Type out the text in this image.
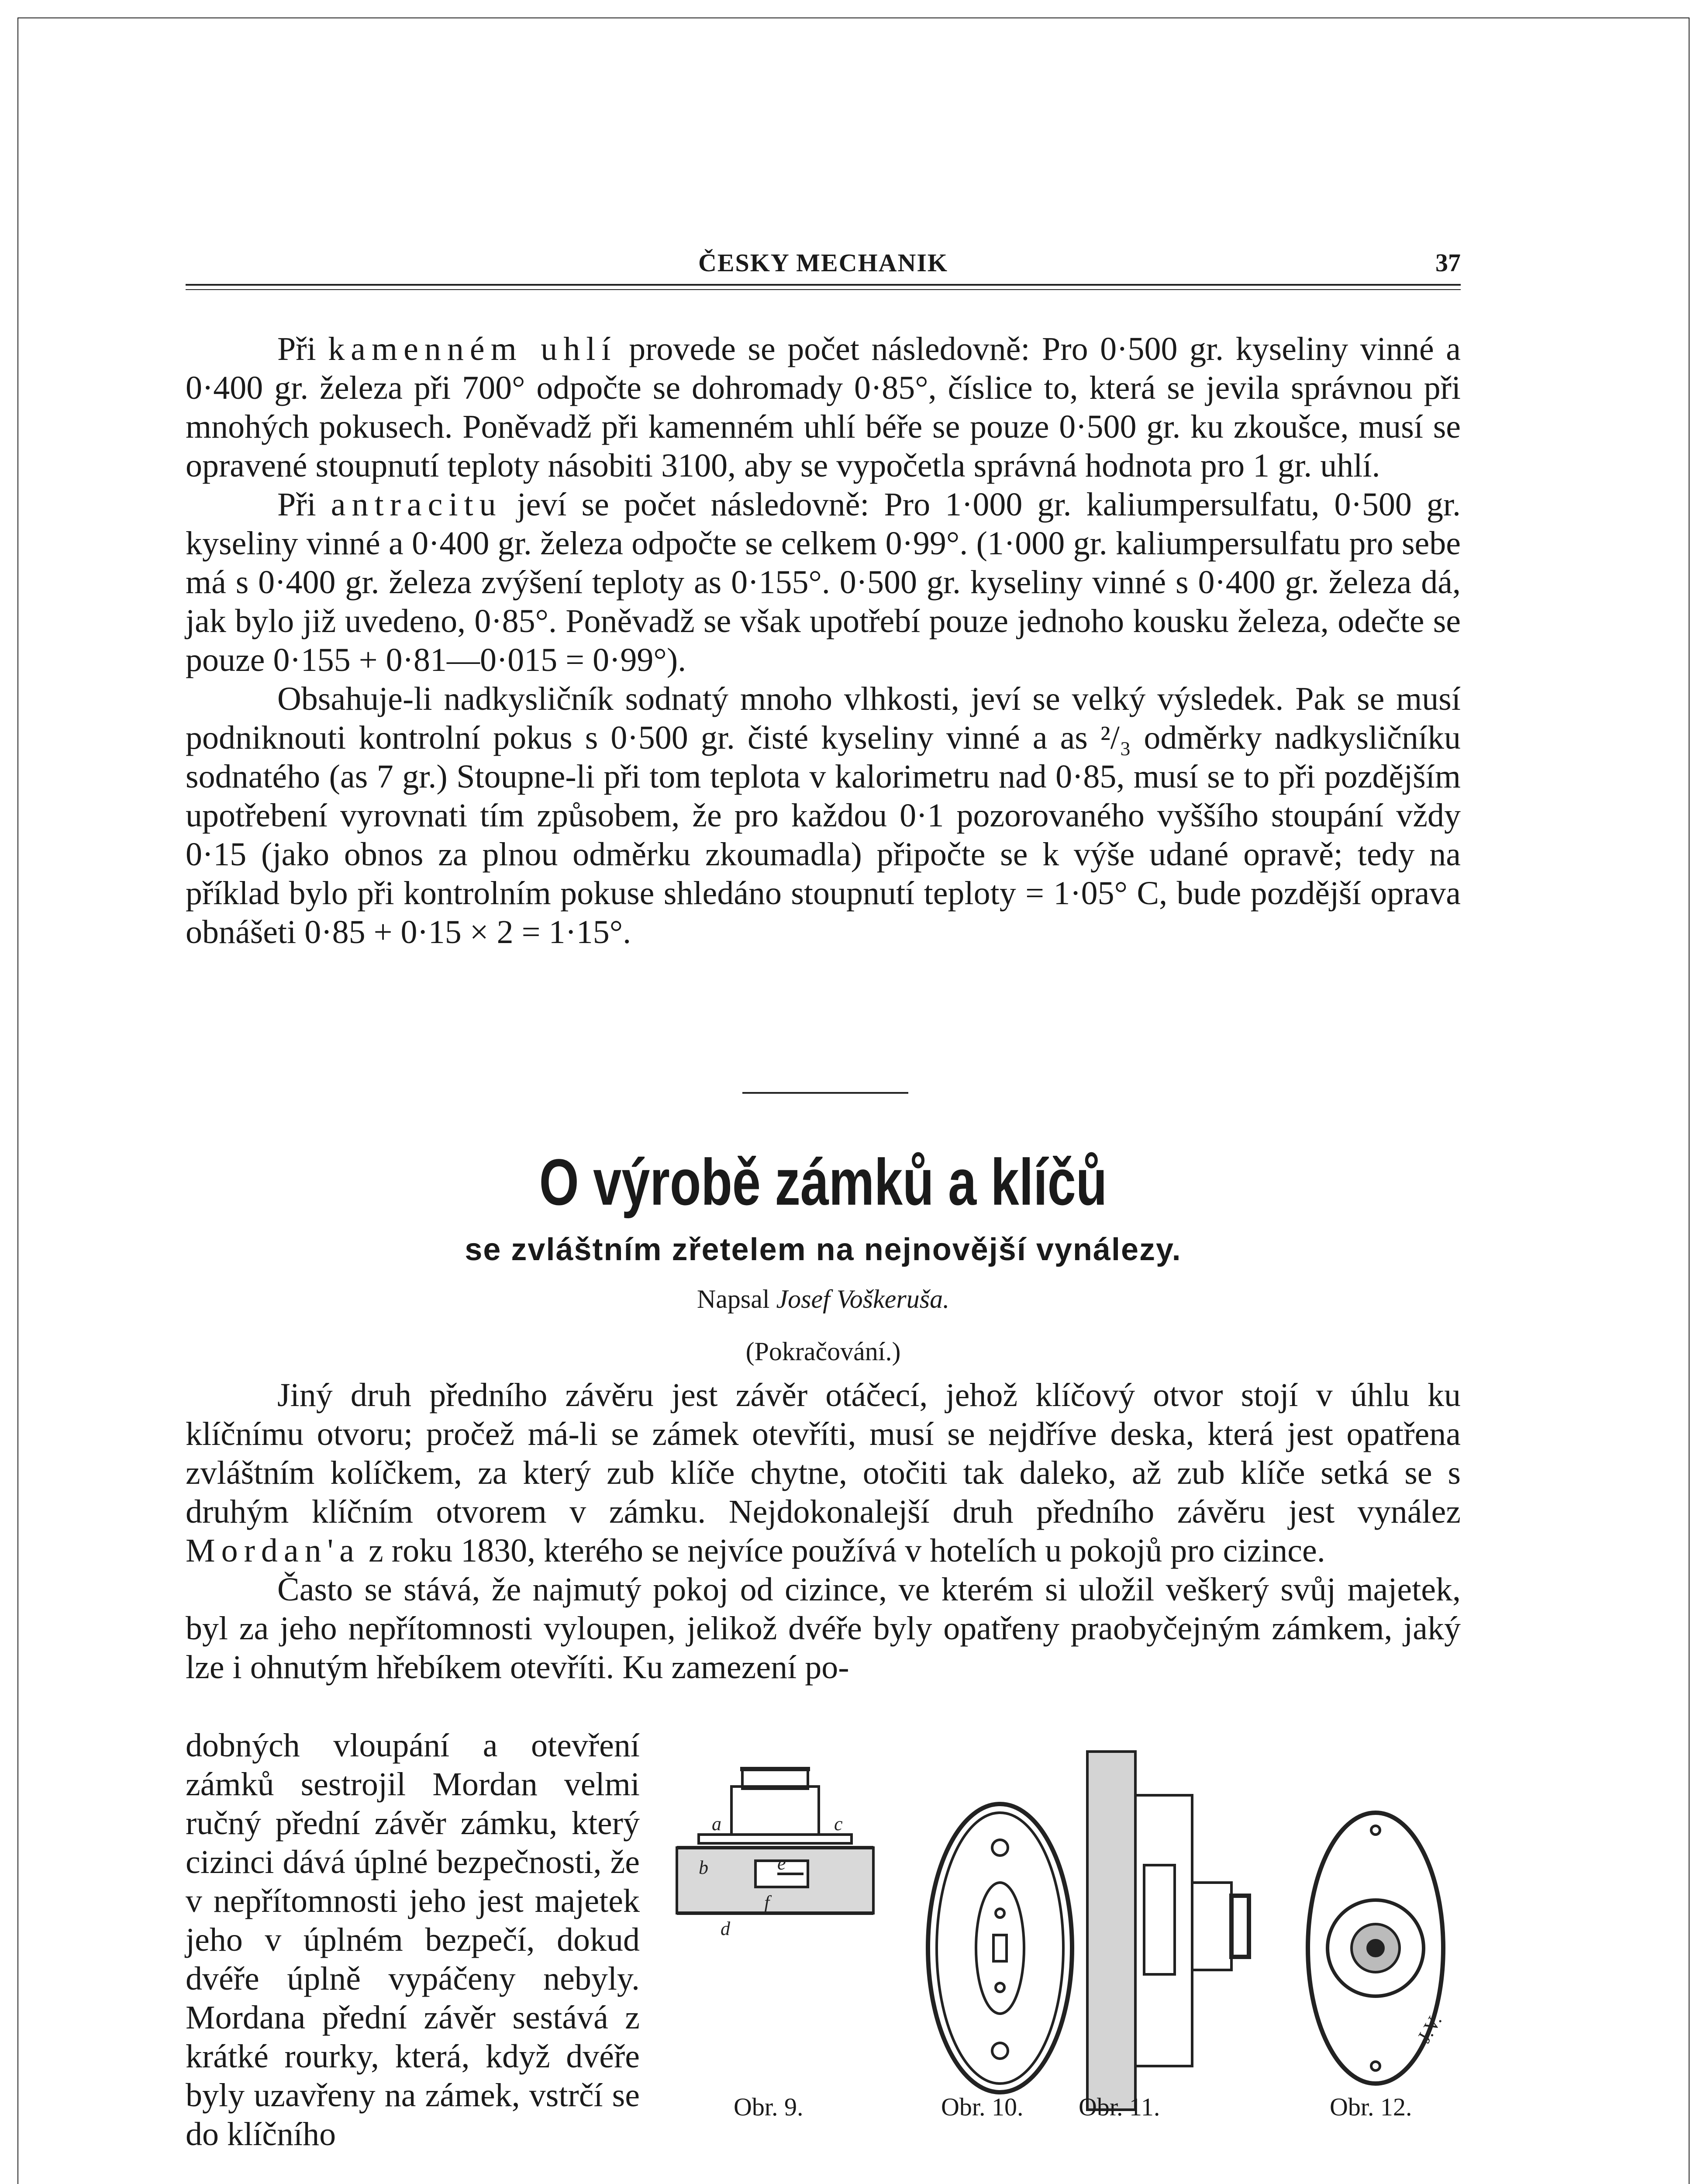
ČESKY MECHANIK	37

Při kamenném uhlí provede se počet následovně: Pro 0·500 gr. kyseliny vinné a 0·400 gr. železa při 700° odpočte se dohromady 0·85°, číslice to, která se jevila správnou při mnohých pokusech. Poněvadž při kamenném uhlí béře se pouze 0·500 gr. ku zkoušce, musí se opravené stoupnutí teploty násobiti 3100, aby se vypočetla správná hodnota pro 1 gr. uhlí.

Při antracitu jeví se počet následovně: Pro 1·000 gr. kaliumpersulfatu, 0·500 gr. kyseliny vinné a 0·400 gr. železa odpočte se celkem 0·99°. (1·000 gr. kaliumpersulfatu pro sebe má s 0·400 gr. železa zvýšení teploty as 0·155°. 0·500 gr. kyseliny vinné s 0·400 gr. železa dá, jak bylo již uvedeno, 0·85°. Poněvadž se však upotřebí pouze jednoho kousku železa, odečte se pouze 0·155 + 0·81—0·015 = 0·99°).

Obsahuje-li nadkysličník sodnatý mnoho vlhkosti, jeví se velký výsledek. Pak se musí podniknouti kontrolní pokus s 0·500 gr. čisté kyseliny vinné a as ²/₃ odměrky nadkysličníku sodnatého (as 7 gr.) Stoupne-li při tom teplota v kalorimetru nad 0·85, musí se to při pozdějším upotřebení vyrovnati tím způsobem, že pro každou 0·1 pozorovaného vyššího stoupání vždy 0·15 (jako obnos za plnou odměrku zkoumadla) připočte se k výše udané opravě; tedy na příklad bylo při kontrolním pokuse shledáno stoupnutí teploty = 1·05° C, bude pozdější oprava obnášeti 0·85 + 0·15 × 2 = 1·15°.

O výrobě zámků a klíčů
se zvláštním zřetelem na nejnovější vynálezy.
Napsal Josef Voškeruša.
(Pokračování.)

Jiný druh předního závěru jest závěr otáčecí, jehož klíčový otvor stojí v úhlu ku klíčnímu otvoru; pročež má-li se zámek otevříti, musí se nejdříve deska, která jest opatřena zvláštním kolíčkem, za který zub klíče chytne, otočiti tak daleko, až zub klíče setká se s druhým klíčním otvorem v zámku. Nejdokonalejší druh předního závěru jest vynález Mordan'a z roku 1830, kterého se nejvíce používá v hotelích u pokojů pro cizince.

Často se stává, že najmutý pokoj od cizince, ve kterém si uložil veškerý svůj majetek, byl za jeho nepřítomnosti vyloupen, jelikož dvéře byly opatřeny praobyčejným zámkem, jaký lze i ohnutým hřebíkem otevříti. Ku zamezení po-

dobných vloupání a otevření zámků sestrojil Mordan velmi ručný přední závěr zámku, který cizinci dává úplné bezpečnosti, že v nepřítomnosti jeho jest majetek jeho v úplném bezpečí, dokud dvéře úplně vypáčeny nebyly. Mordana přední závěr sestává z krátké rourky, která, když dvéře byly uzavřeny na zámek, vstrčí se do klíčního
a
b
c
d
e
f
J.V.
Obr. 9.	Obr. 10. Obr. 11.	Obr. 12.
